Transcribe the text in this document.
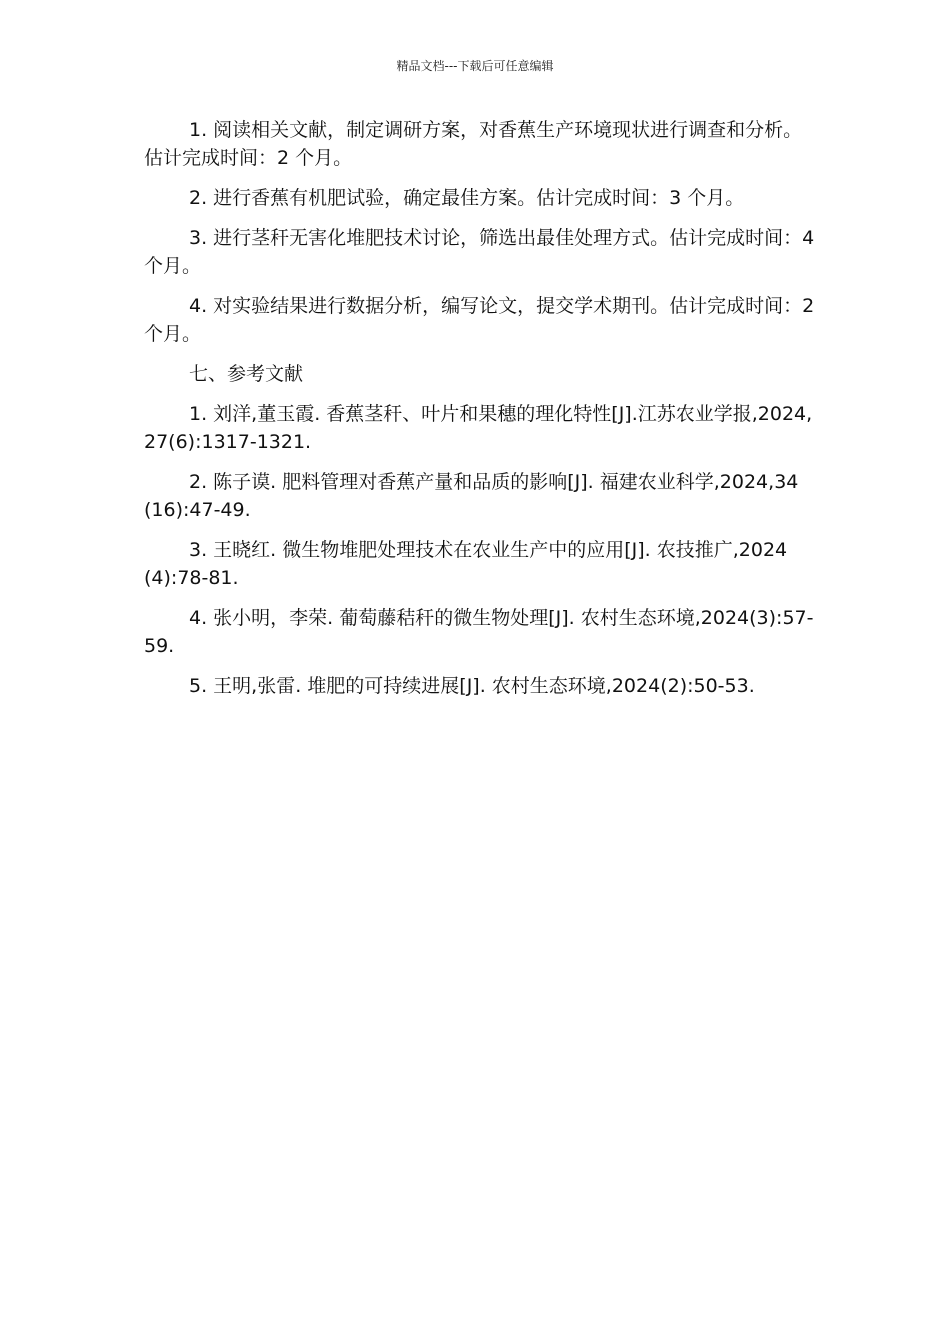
精品文档---下载后可任意编辑

1. 阅读相关文献，制定调研方案，对香蕉生产环境现状进行调查和分析。估计完成时间：2 个月。

2. 进行香蕉有机肥试验，确定最佳方案。估计完成时间：3 个月。

3. 进行茎秆无害化堆肥技术讨论，筛选出最佳处理方式。估计完成时间：4 个月。

4. 对实验结果进行数据分析，编写论文，提交学术期刊。估计完成时间：2 个月。

七、参考文献

1. 刘洋,董玉霞. 香蕉茎秆、叶片和果穗的理化特性[J].江苏农业学报,2024,27(6):1317-1321.

2. 陈子谟. 肥料管理对香蕉产量和品质的影响[J]. 福建农业科学,2024,34(16):47-49.

3. 王晓红. 微生物堆肥处理技术在农业生产中的应用[J]. 农技推广,2024(4):78-81.

4. 张小明，李荣. 葡萄藤秸秆的微生物处理[J]. 农村生态环境,2024(3):57-59.

5. 王明,张雷. 堆肥的可持续进展[J]. 农村生态环境,2024(2):50-53.
